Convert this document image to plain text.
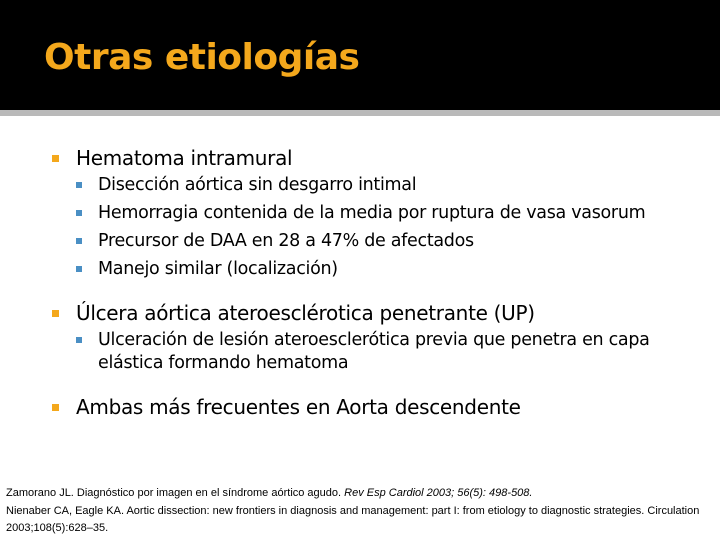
Otras etiologías
Hematoma intramural
Disección aórtica sin desgarro intimal
Hemorragia contenida de la media por ruptura de vasa vasorum
Precursor de DAA en 28 a 47% de afectados
Manejo similar (localización)
Úlcera aórtica ateroesclérotica penetrante (UP)
Ulceración de lesión ateroesclerótica previa que penetra en capa elástica formando hematoma
Ambas más frecuentes en Aorta descendente

Zamorano JL. Diagnóstico por imagen en el síndrome aórtico agudo. Rev Esp Cardiol 2003; 56(5): 498-508.

Nienaber CA, Eagle KA. Aortic dissection: new frontiers in diagnosis and management: part I: from etiology to diagnostic strategies. Circulation 2003;108(5):628–35.
